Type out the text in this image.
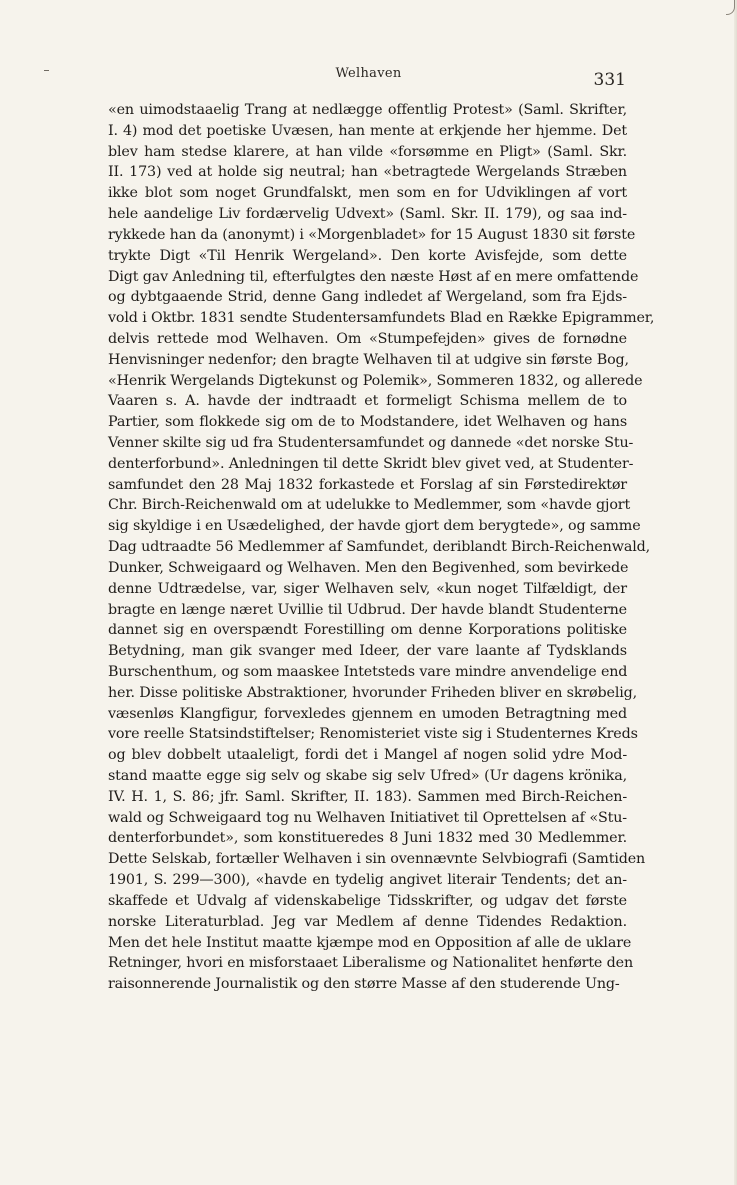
Welhaven	331
«en uimodstaaelig Trang at nedlægge offentlig Protest» (Saml. Skrifter,
I. 4) mod det poetiske Uvæsen, han mente at erkjende her hjemme. Det
blev ham stedse klarere, at han vilde «forsømme en Pligt» (Saml. Skr.
II. 173) ved at holde sig neutral; han «betragtede Wergelands Stræben
ikke blot som noget Grundfalskt, men som en for Udviklingen af vort
hele aandelige Liv fordærvelig Udvext» (Saml. Skr. II. 179), og saa ind-
rykkede han da (anonymt) i «Morgenbladet» for 15 August 1830 sit første
trykte Digt «Til Henrik Wergeland». Den korte Avisfejde, som dette
Digt gav Anledning til, efterfulgtes den næste Høst af en mere omfattende
og dybtgaaende Strid, denne Gang indledet af Wergeland, som fra Ejds-
vold i Oktbr. 1831 sendte Studentersamfundets Blad en Række Epigrammer,
delvis rettede mod Welhaven. Om «Stumpefejden» gives de fornødne
Henvisninger nedenfor; den bragte Welhaven til at udgive sin første Bog,
«Henrik Wergelands Digtekunst og Polemik», Sommeren 1832, og allerede
Vaaren s. A. havde der indtraadt et formeligt Schisma mellem de to
Partier, som flokkede sig om de to Modstandere, idet Welhaven og hans
Venner skilte sig ud fra Studentersamfundet og dannede «det norske Stu-
denterforbund». Anledningen til dette Skridt blev givet ved, at Studenter-
samfundet den 28 Maj 1832 forkastede et Forslag af sin Førstedirektør
Chr. Birch-Reichenwald om at udelukke to Medlemmer, som «havde gjort
sig skyldige i en Usædelighed, der havde gjort dem berygtede», og samme
Dag udtraadte 56 Medlemmer af Samfundet, deriblandt Birch-Reichenwald,
Dunker, Schweigaard og Welhaven. Men den Begivenhed, som bevirkede
denne Udtrædelse, var, siger Welhaven selv, «kun noget Tilfældigt, der
bragte en længe næret Uvillie til Udbrud. Der havde blandt Studenterne
dannet sig en overspændt Forestilling om denne Korporations politiske
Betydning, man gik svanger med Ideer, der vare laante af Tydsklands
Burschenthum, og som maaskee Intetsteds vare mindre anvendelige end
her. Disse politiske Abstraktioner, hvorunder Friheden bliver en skrøbelig,
væsenløs Klangfigur, forvexledes gjennem en umoden Betragtning med
vore reelle Statsindstiftelser; Renomisteriet viste sig i Studenternes Kreds
og blev dobbelt utaaleligt, fordi det i Mangel af nogen solid ydre Mod-
stand maatte egge sig selv og skabe sig selv Ufred» (Ur dagens krönika,
IV. H. 1, S. 86; jfr. Saml. Skrifter, II. 183). Sammen med Birch-Reichen-
wald og Schweigaard tog nu Welhaven Initiativet til Oprettelsen af «Stu-
denterforbundet», som konstitueredes 8 Juni 1832 med 30 Medlemmer.
Dette Selskab, fortæller Welhaven i sin ovennævnte Selvbiografi (Samtiden
1901, S. 299—300), «havde en tydelig angivet literair Tendents; det an-
skaffede et Udvalg af videnskabelige Tidsskrifter, og udgav det første
norske Literaturblad. Jeg var Medlem af denne Tidendes Redaktion.
Men det hele Institut maatte kjæmpe mod en Opposition af alle de uklare
Retninger, hvori en misforstaaet Liberalisme og Nationalitet henførte den
raisonnerende Journalistik og den større Masse af den studerende Ung-
